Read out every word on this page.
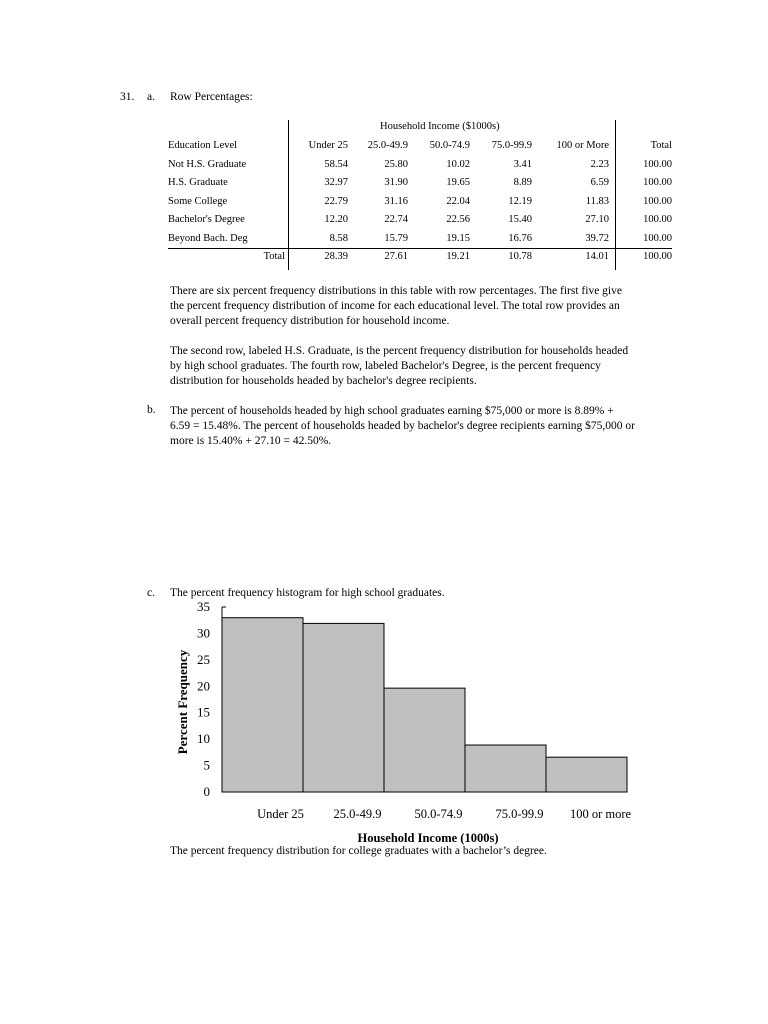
31. a. Row Percentages:
Household Income ($1000s)

Education Level	Under 25	25.0-49.9	50.0-74.9	75.0-99.9	100 or More	Total
Not H.S. Graduate	58.54	25.80	10.02	3.41	2.23	100.00
H.S. Graduate	32.97	31.90	19.65	8.89	6.59	100.00
Some College	22.79	31.16	22.04	12.19	11.83	100.00
Bachelor's Degree	12.20	22.74	22.56	15.40	27.10	100.00
Beyond Bach. Deg	8.58	15.79	19.15	16.76	39.72	100.00
Total	28.39	27.61	19.21	10.78	14.01	100.00
There are six percent frequency distributions in this table with row percentages. The first five give
the percent frequency distribution of income for each educational level. The total row provides an
overall percent frequency distribution for household income.
The second row, labeled H.S. Graduate, is the percent frequency distribution for households headed
by high school graduates. The fourth row, labeled Bachelor's Degree, is the percent frequency
distribution for households headed by bachelor's degree recipients.
b. The percent of households headed by high school graduates earning $75,000 or more is 8.89% +
6.59 = 15.48%. The percent of households headed by bachelor's degree recipients earning $75,000 or
more is 15.40% + 27.10 = 42.50%.
c. The percent frequency histogram for high school graduates.
0
5
10
15
20
25
30
35
Under 25 25.0-49.9	50.0-74.9	75.0-99.9 100 or more
Household Income (1000s)
Percent Frequency
The percent frequency distribution for college graduates with a bachelor’s degree.
